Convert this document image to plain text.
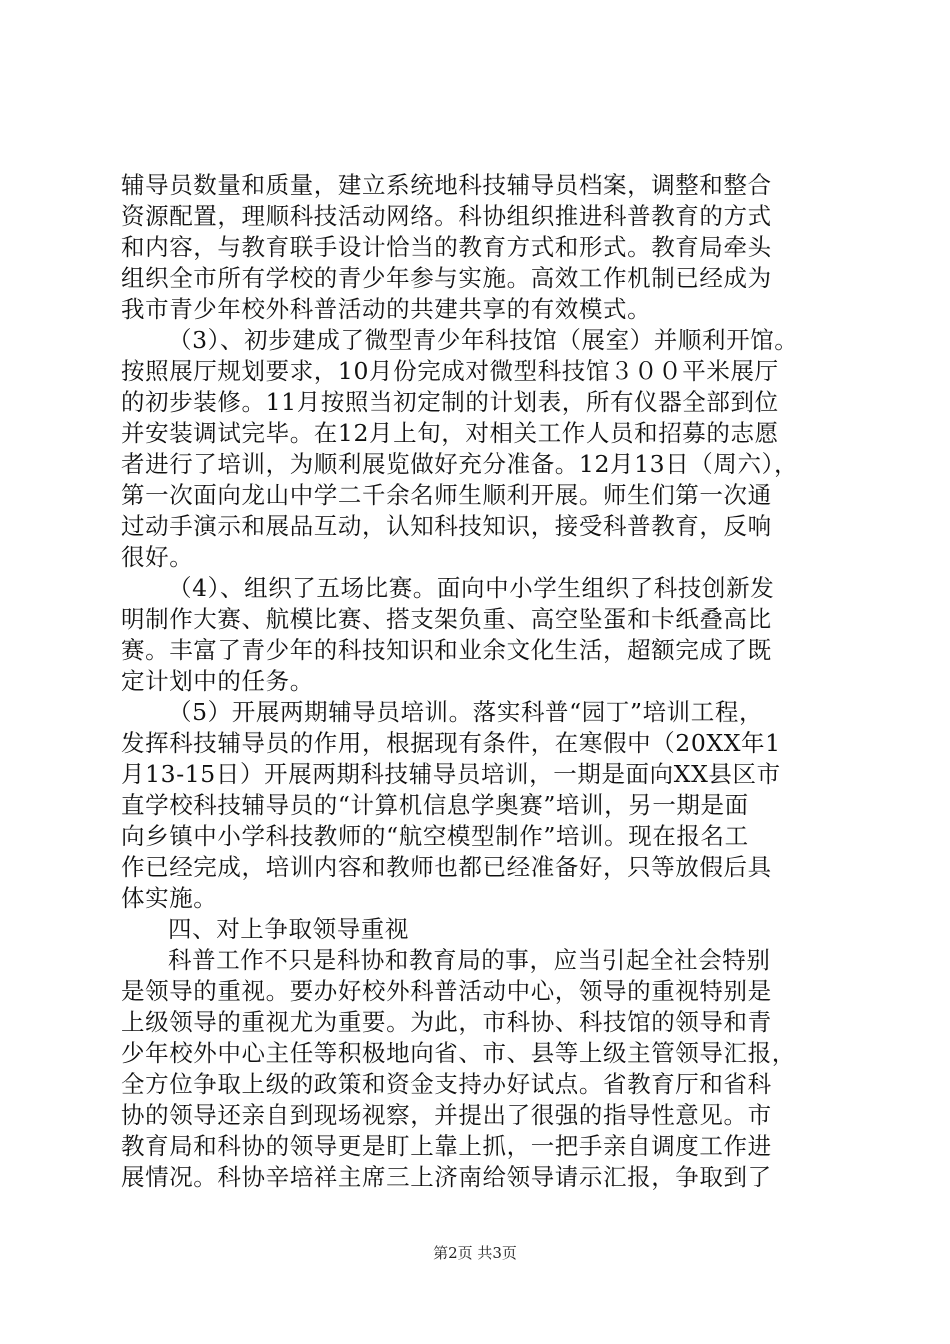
辅导员数量和质量，建立系统地科技辅导员档案，调整和整合
资源配置，理顺科技活动网络。科协组织推进科普教育的方式
和内容，与教育联手设计恰当的教育方式和形式。教育局牵头
组织全市所有学校的青少年参与实施。高效工作机制已经成为
我市青少年校外科普活动的共建共享的有效模式。
（3）、初步建成了微型青少年科技馆（展室）并顺利开馆。
按照展厅规划要求，10月份完成对微型科技馆３００平米展厅
的初步装修。11月按照当初定制的计划表，所有仪器全部到位
并安装调试完毕。在12月上旬，对相关工作人员和招募的志愿
者进行了培训，为顺利展览做好充分准备。12月13日（周六），
第一次面向龙山中学二千余名师生顺利开展。师生们第一次通
过动手演示和展品互动，认知科技知识，接受科普教育，反响
很好。
（4）、组织了五场比赛。面向中小学生组织了科技创新发
明制作大赛、航模比赛、搭支架负重、高空坠蛋和卡纸叠高比
赛。丰富了青少年的科技知识和业余文化生活，超额完成了既
定计划中的任务。
（5）开展两期辅导员培训。落实科普“园丁”培训工程，
发挥科技辅导员的作用，根据现有条件，在寒假中（20XX年1
月13-15日）开展两期科技辅导员培训，一期是面向XX县区市
直学校科技辅导员的“计算机信息学奥赛”培训，另一期是面
向乡镇中小学科技教师的“航空模型制作”培训。现在报名工
作已经完成，培训内容和教师也都已经准备好，只等放假后具
体实施。
四、对上争取领导重视
科普工作不只是科协和教育局的事，应当引起全社会特别
是领导的重视。要办好校外科普活动中心，领导的重视特别是
上级领导的重视尤为重要。为此，市科协、科技馆的领导和青
少年校外中心主任等积极地向省、市、县等上级主管领导汇报，
全方位争取上级的政策和资金支持办好试点。省教育厅和省科
协的领导还亲自到现场视察，并提出了很强的指导性意见。市
教育局和科协的领导更是盯上靠上抓，一把手亲自调度工作进
展情况。科协辛培祥主席三上济南给领导请示汇报，争取到了
第2页 共3页
